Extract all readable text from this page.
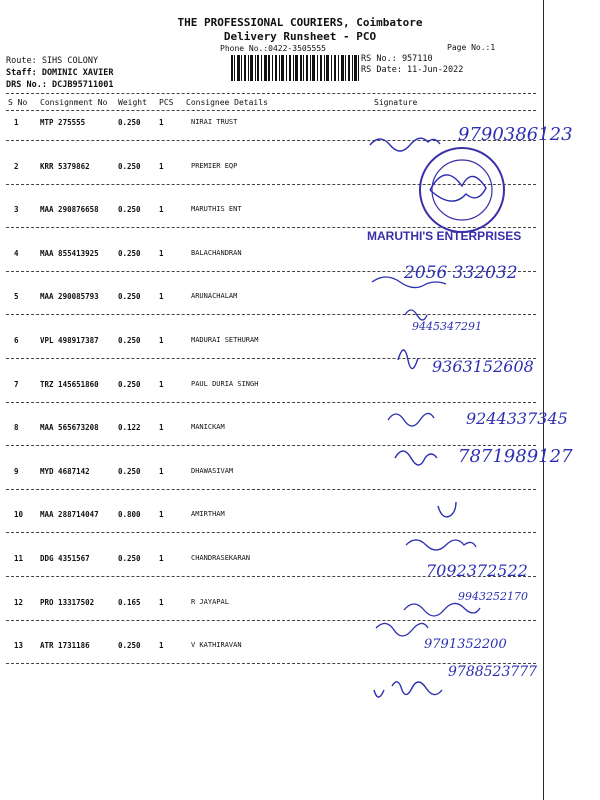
THE PROFESSIONAL COURIERS, Coimbatore
Delivery Runsheet - PCO
Phone No.:0422-3505555	Page No.:1
Route: SIHS COLONY
Staff: DOMINIC XAVIER
DRS No.: DCJB95711001
RS No.: 957110
RS Date: 11-Jun-2022
S No Consignment No Weight PCS Consignee Details	Signature
1	MTP 275555	0.250 1	NIRAI TRUST
2	KRR 5379862	0.250 1	PREMIER EQP
3	MAA 290876658	0.250 1	MARUTHIS ENT
4	MAA 855413925	0.250 1	BALACHANDRAN
5	MAA 290085793	0.250 1	ARUNACHALAM
6	VPL 498917387	0.250 1	MADURAI SETHURAM
7	TRZ 145651860	0.250 1	PAUL DURIA SINGH
8	MAA 565673208	0.122 1	MANICKAM
9	MYD 4687142	0.250 1	DHAWASIVAM
10 MAA 288714047	0.800 1	AMIRTHAM
11 DDG 4351567	0.250 1	CHANDRASEKARAN
12 PRO 13317502	0.165 1	R JAYAPAL
13 ATR 1731186	0.250 1	V KATHIRAVAN
9790386123
MARUTHI'S ENTERPRISES
2056 332032
9445347291
9363152608
9244337345
7871989127
7092372522
9943252170
9791352200
9788523777
